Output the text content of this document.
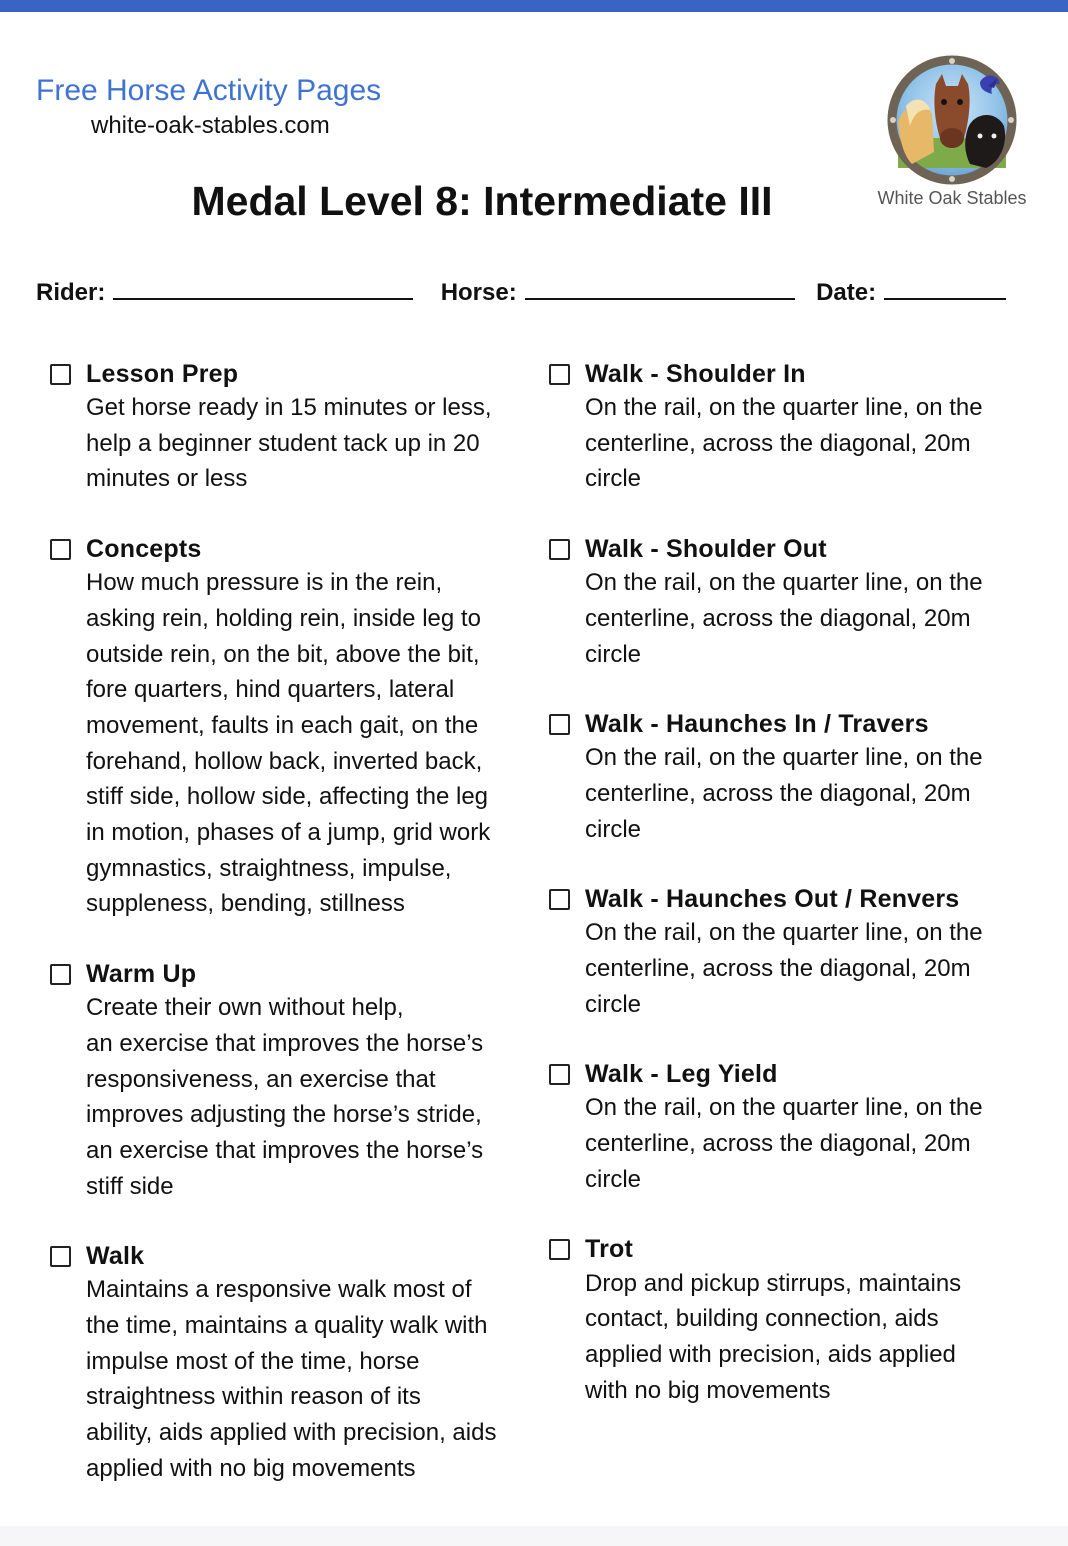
Free Horse Activity Pages
white-oak-stables.com
White Oak Stables
Medal Level 8: Intermediate III
Rider:	Horse:	Date:
Lesson Prep
Get horse ready in 15 minutes or less,
help a beginner student tack up in 20
minutes or less
Concepts
How much pressure is in the rein,
asking rein, holding rein, inside leg to
outside rein, on the bit, above the bit,
fore quarters, hind quarters, lateral
movement, faults in each gait, on the
forehand, hollow back, inverted back,
stiff side, hollow side, affecting the leg
in motion, phases of a jump, grid work
gymnastics, straightness, impulse,
suppleness, bending, stillness
Warm Up
Create their own without help,
an exercise that improves the horse’s
responsiveness, an exercise that
improves adjusting the horse’s stride,
an exercise that improves the horse’s
stiff side
Walk
Maintains a responsive walk most of
the time, maintains a quality walk with
impulse most of the time, horse
straightness within reason of its
ability, aids applied with precision, aids
applied with no big movements
Walk - Shoulder In
On the rail, on the quarter line, on the
centerline, across the diagonal, 20m
circle
Walk - Shoulder Out
On the rail, on the quarter line, on the
centerline, across the diagonal, 20m
circle
Walk - Haunches In / Travers
On the rail, on the quarter line, on the
centerline, across the diagonal, 20m
circle
Walk - Haunches Out / Renvers
On the rail, on the quarter line, on the
centerline, across the diagonal, 20m
circle
Walk - Leg Yield
On the rail, on the quarter line, on the
centerline, across the diagonal, 20m
circle
Trot
Drop and pickup stirrups, maintains
contact, building connection, aids
applied with precision, aids applied
with no big movements
